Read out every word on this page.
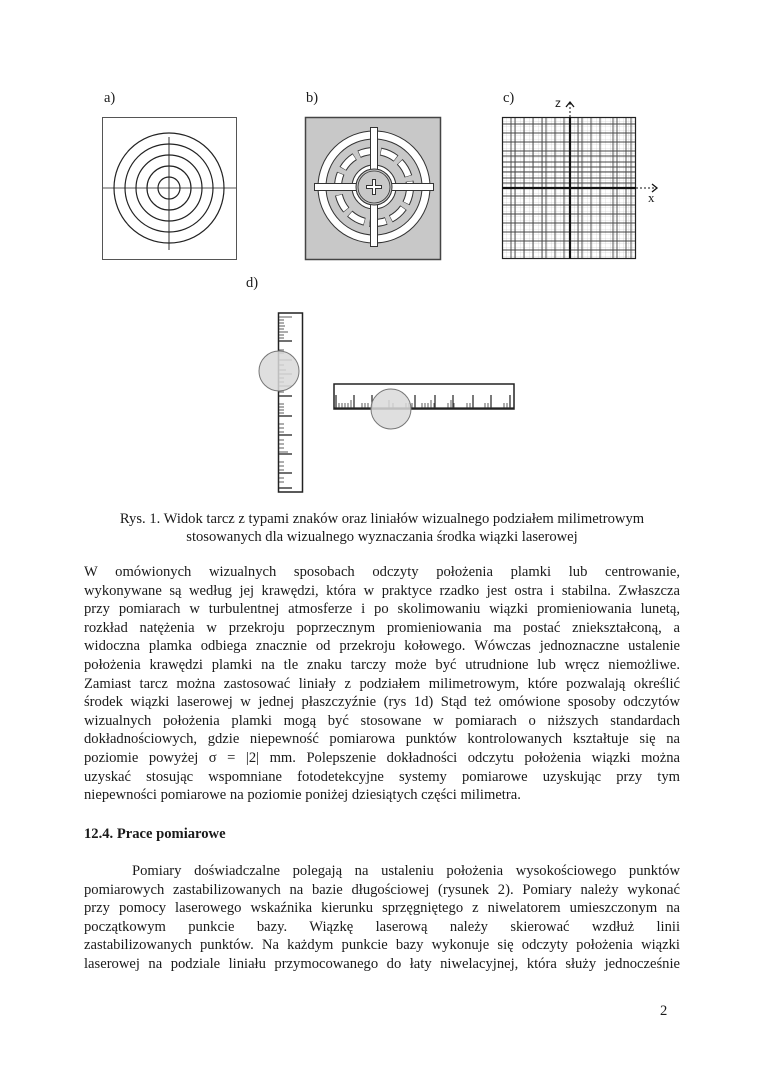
a)	b)	c)
d)
z
x
Rys. 1. Widok tarcz z typami znaków oraz liniałów wizualnego podziałem milimetrowym
stosowanych dla wizualnego wyznaczania środka wiązki laserowej
W omówionych wizualnych sposobach odczyty położenia plamki lub centrowanie,
wykonywane są według jej krawędzi, która w praktyce rzadko jest ostra i stabilna. Zwłaszcza
przy pomiarach w turbulentnej atmosferze i po skolimowaniu wiązki promieniowania lunetą,
rozkład natężenia w przekroju poprzecznym promieniowania ma postać zniekształconą, a
widoczna plamka odbiega znacznie od przekroju kołowego. Wówczas jednoznaczne ustalenie
położenia krawędzi plamki na tle znaku tarczy może być utrudnione lub wręcz niemożliwe.
Zamiast tarcz można zastosować liniały z podziałem milimetrowym, które pozwalają określić
środek wiązki laserowej w jednej płaszczyźnie (rys 1d) Stąd też omówione sposoby odczytów
wizualnych położenia plamki mogą być stosowane w pomiarach o niższych standardach
dokładnościowych, gdzie niepewność pomiarowa punktów kontrolowanych kształtuje się na
poziomie powyżej σ = |2| mm. Polepszenie dokładności odczytu położenia wiązki można
uzyskać stosując wspomniane fotodetekcyjne systemy pomiarowe uzyskując przy tym
niepewności pomiarowe na poziomie poniżej dziesiątych części milimetra.
12.4. Prace pomiarowe
Pomiary doświadczalne polegają na ustaleniu położenia wysokościowego punktów
pomiarowych zastabilizowanych na bazie długościowej (rysunek 2). Pomiary należy wykonać
przy pomocy laserowego wskaźnika kierunku sprzęgniętego z niwelatorem umieszczonym na
początkowym punkcie bazy. Wiązkę laserową należy skierować wzdłuż linii
zastabilizowanych punktów. Na każdym punkcie bazy wykonuje się odczyty położenia wiązki
laserowej na podziale liniału przymocowanego do łaty niwelacyjnej, która służy jednocześnie
2
